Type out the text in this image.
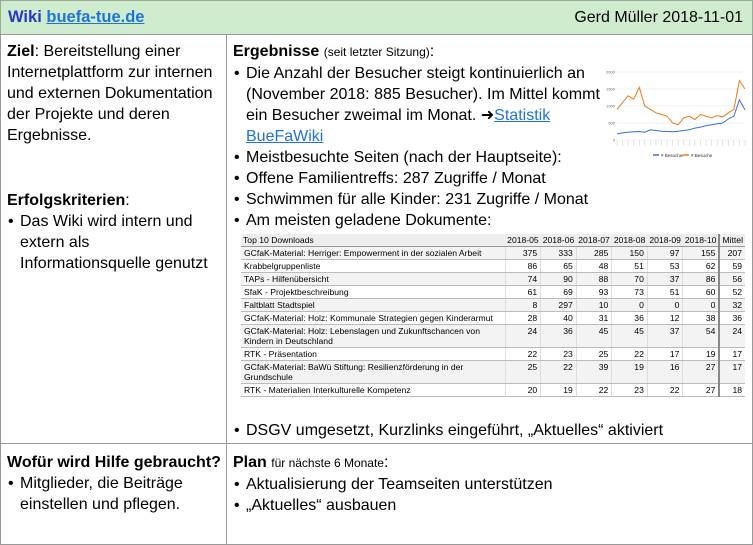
Wiki buefa-tue.de	Gerd Müller 2018-11-01
Ziel: Bereitstellung einer Internetplattform zur internen und externen Dokumentation der Projekte und deren Ergebnisse.
Erfolgskriterien:
• Das Wiki wird intern und extern als Informationsquelle genutzt
Ergebnisse (seit letzter Sitzung):
• Die Anzahl der Besucher steigt kontinuierlich an (November 2018: 885 Besucher). Im Mittel kommt ein Besucher zweimal im Monat. ➜Statistik BueFaWiki
• Meistbesuchte Seiten (nach der Hauptseite):
• Offene Familientreffs: 287 Zugriffe / Monat
• Schwimmen für alle Kinder: 231 Zugriffe / Monat
• Am meisten geladene Dokumente:
2000
1500
1000
500
0
# Besucher # Besuche
Top 10 Downloads	2018-05	2018-06	2018-07	2018-08	2018-09	2018-10	Mittel
GCfaK-Material: Herriger: Empowerment in der sozialen Arbeit	375	333	285	150	97	155	207
Krabbelgruppenliste	86	65	48	51	53	62	59
TAPs - Hilfenübersicht	74	90	88	70	37	86	56
SfaK - Projektbeschreibung	61	69	93	73	51	60	52
Faltblatt Stadtspiel	8	297	10	0	0	0	32
GCfaK-Material: Holz: Kommunale Strategien gegen Kinderarmut	28	40	31	36	12	38	36
GCfaK-Material: Holz: Lebenslagen und Zukunftschancen von Kindern in Deutschland	24	36	45	45	37	54	24
RTK - Präsentation	22	23	25	22	17	19	17
GCfaK-Material: BaWü Stiftung: Resilienzförderung in der Grundschule	25	22	39	19	16	27	17
RTK - Materialien Interkulturelle Kompetenz	20	19	22	23	22	27	18
• DSGV umgesetzt, Kurzlinks eingeführt, „Aktuelles“ aktiviert
Wofür wird Hilfe gebraucht?
• Mitglieder, die Beiträge einstellen und pflegen.
Plan für nächste 6 Monate:
• Aktualisierung der Teamseiten unterstützen
• „Aktuelles“ ausbauen
